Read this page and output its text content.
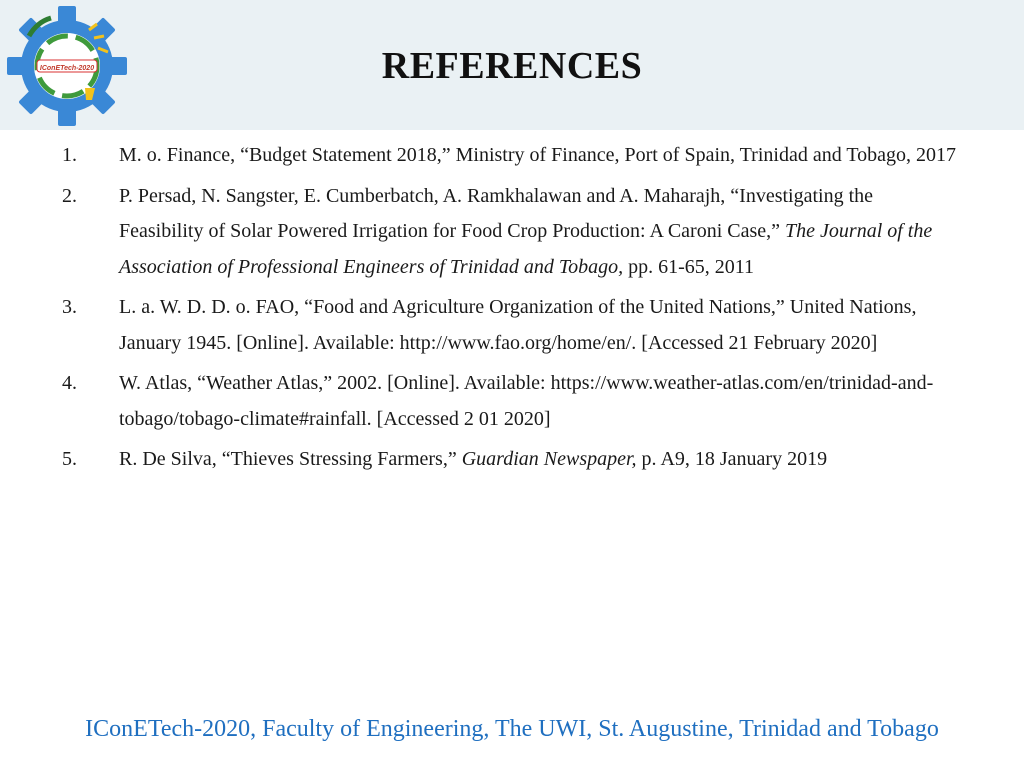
IConETech-2020	REFERENCES
1.	M. o. Finance, “Budget Statement 2018,” Ministry of Finance, Port of Spain, Trinidad and Tobago, 2017
2.	P. Persad, N. Sangster, E. Cumberbatch, A. Ramkhalawan and A. Maharajh, “Investigating the Feasibility of Solar Powered Irrigation for Food Crop Production: A Caroni Case,” The Journal of the Association of Professional Engineers of Trinidad and Tobago, pp. 61-65, 2011
3.	L. a. W. D. D. o. FAO, “Food and Agriculture Organization of the United Nations,” United Nations, January 1945. [Online]. Available: http://www.fao.org/home/en/. [Accessed 21 February 2020]
4.	W. Atlas, “Weather Atlas,” 2002. [Online]. Available: https://www.weather-atlas.com/en/trinidad-and-tobago/tobago-climate#rainfall. [Accessed 2 01 2020]
5.	R. De Silva, “Thieves Stressing Farmers,” Guardian Newspaper, p. A9, 18 January 2019
IConETech-2020, Faculty of Engineering, The UWI, St. Augustine, Trinidad and Tobago
